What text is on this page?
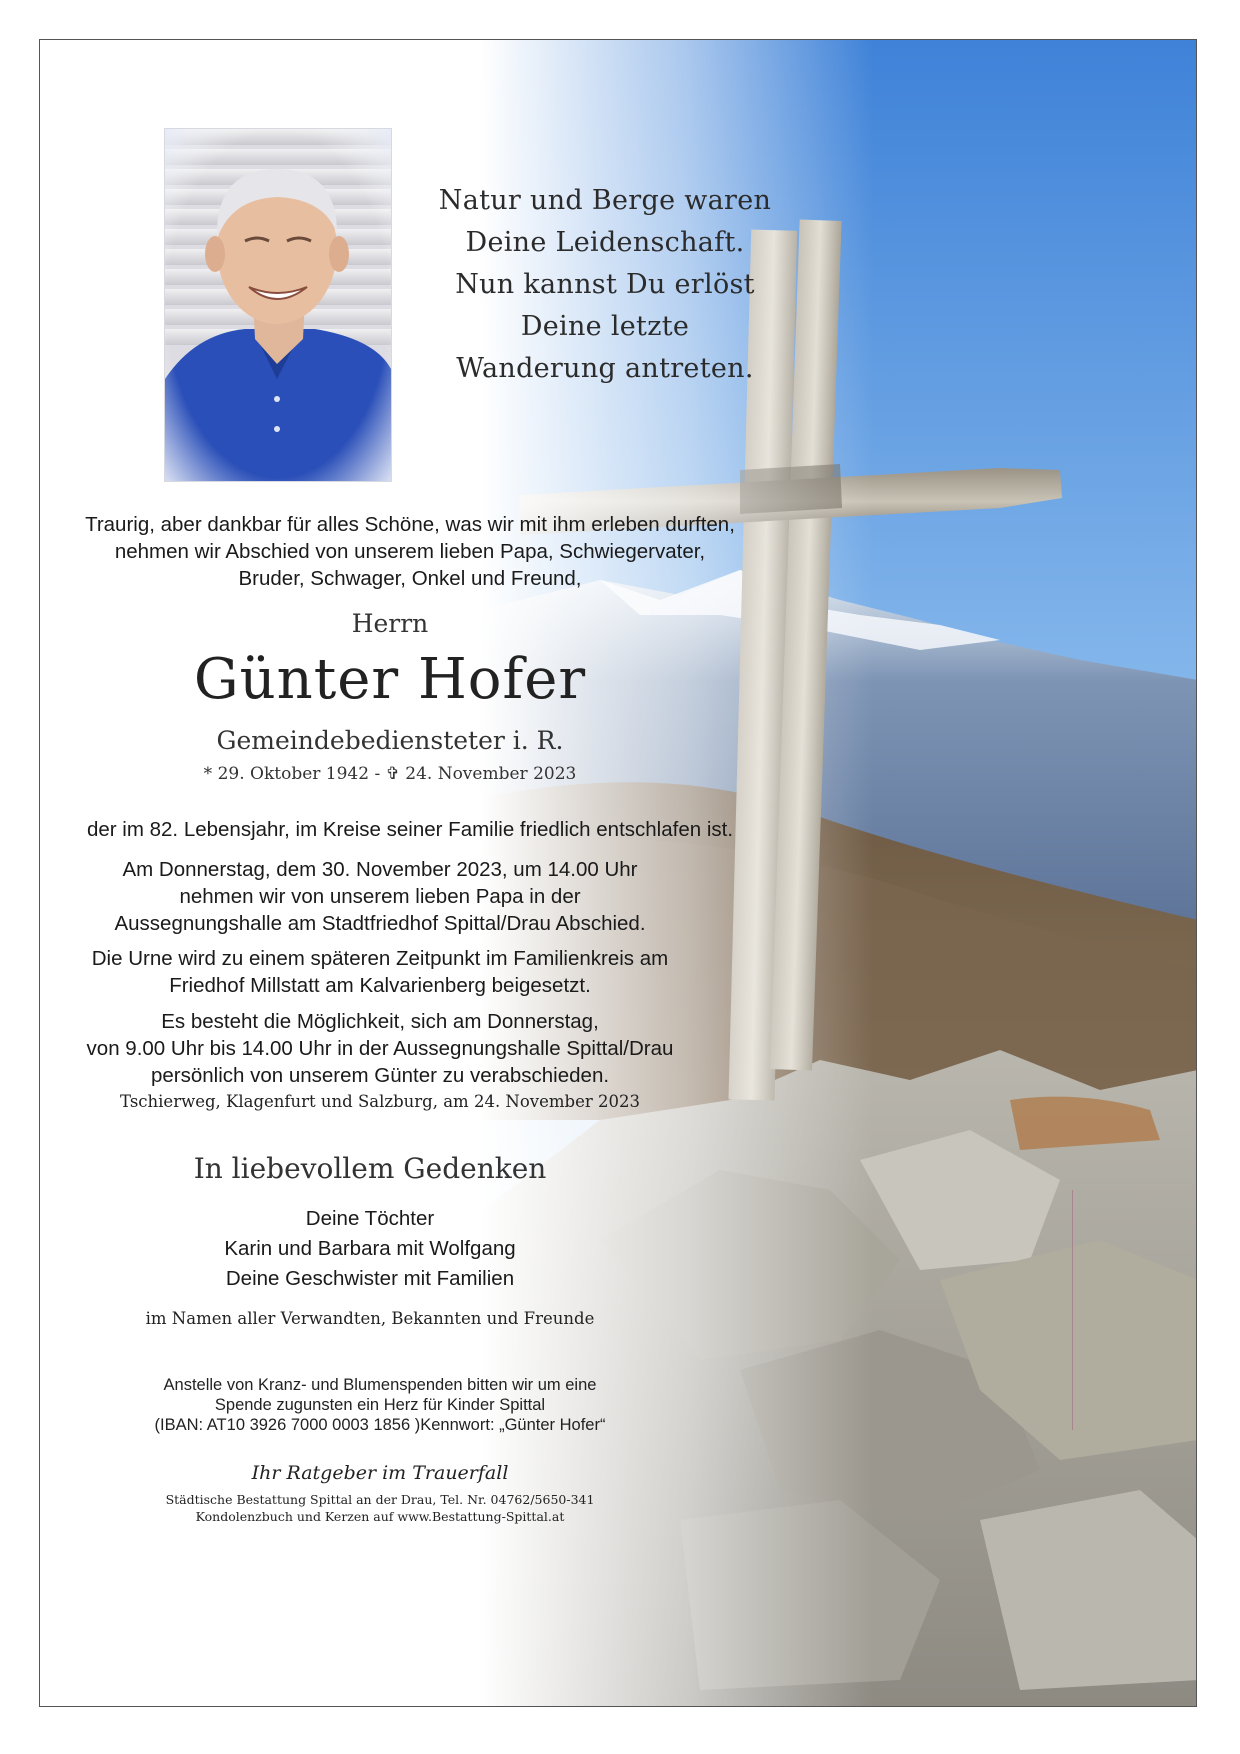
Natur und Berge waren
Deine Leidenschaft.
Nun kannst Du erlöst
Deine letzte
Wanderung antreten.
Traurig, aber dankbar für alles Schöne, was wir mit ihm erleben durften,
nehmen wir Abschied von unserem lieben Papa, Schwiegervater,
Bruder, Schwager, Onkel und Freund,
Herrn
Günter Hofer
Gemeindebediensteter i. R.
* 29. Oktober 1942 - ✞ 24. November 2023
der im 82. Lebensjahr, im Kreise seiner Familie friedlich entschlafen ist.
Am Donnerstag, dem 30. November 2023, um 14.00 Uhr
nehmen wir von unserem lieben Papa in der
Aussegnungshalle am Stadtfriedhof Spittal/Drau Abschied.
Die Urne wird zu einem späteren Zeitpunkt im Familienkreis am
Friedhof Millstatt am Kalvarienberg beigesetzt.
Es besteht die Möglichkeit, sich am Donnerstag,
von 9.00 Uhr bis 14.00 Uhr in der Aussegnungshalle Spittal/Drau
persönlich von unserem Günter zu verabschieden.
Tschierweg, Klagenfurt und Salzburg, am 24. November 2023
In liebevollem Gedenken
Deine Töchter
Karin und Barbara mit Wolfgang
Deine Geschwister mit Familien
im Namen aller Verwandten, Bekannten und Freunde
Anstelle von Kranz- und Blumenspenden bitten wir um eine
Spende zugunsten ein Herz für Kinder Spittal
(IBAN: AT10 3926 7000 0003 1856 )Kennwort: „Günter Hofer“
Ihr Ratgeber im Trauerfall
Städtische Bestattung Spittal an der Drau, Tel. Nr. 04762/5650-341
Kondolenzbuch und Kerzen auf www.Bestattung-Spittal.at
